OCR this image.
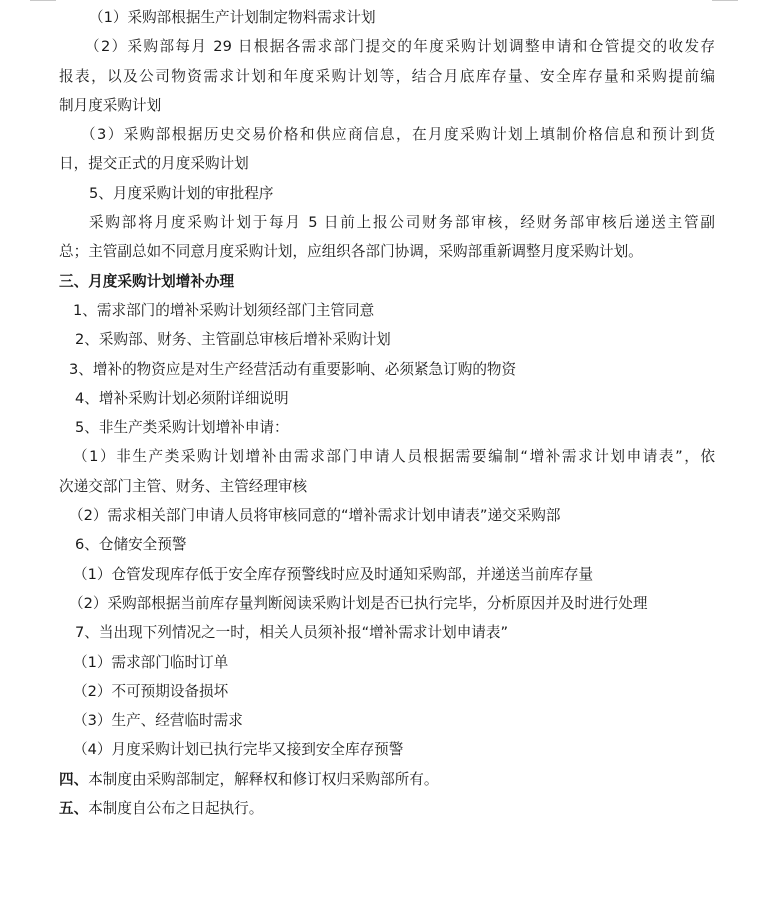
（1）采购部根据生产计划制定物料需求计划
（2）采购部每月 29 日根据各需求部门提交的年度采购计划调整申请和仓管提交的收发存
报表，以及公司物资需求计划和年度采购计划等，结合月底库存量、安全库存量和采购提前编
制月度采购计划
（3）采购部根据历史交易价格和供应商信息，在月度采购计划上填制价格信息和预计到货
日，提交正式的月度采购计划
5、月度采购计划的审批程序
采购部将月度采购计划于每月 5 日前上报公司财务部审核，经财务部审核后递送主管副
总；主管副总如不同意月度采购计划，应组织各部门协调，采购部重新调整月度采购计划。
三、月度采购计划增补办理
1、需求部门的增补采购计划须经部门主管同意
2、采购部、财务、主管副总审核后增补采购计划
3、增补的物资应是对生产经营活动有重要影响、必须紧急订购的物资
4、增补采购计划必须附详细说明
5、非生产类采购计划增补申请：
（1）非生产类采购计划增补由需求部门申请人员根据需要编制“增补需求计划申请表”，依
次递交部门主管、财务、主管经理审核
（2）需求相关部门申请人员将审核同意的“增补需求计划申请表”递交采购部
6、仓储安全预警
（1）仓管发现库存低于安全库存预警线时应及时通知采购部，并递送当前库存量
（2）采购部根据当前库存量判断阅读采购计划是否已执行完毕，分析原因并及时进行处理
7、当出现下列情况之一时，相关人员须补报“增补需求计划申请表”
（1）需求部门临时订单
（2）不可预期设备损坏
（3）生产、经营临时需求
（4）月度采购计划已执行完毕又接到安全库存预警
四、本制度由采购部制定，解释权和修订权归采购部所有。
五、本制度自公布之日起执行。
